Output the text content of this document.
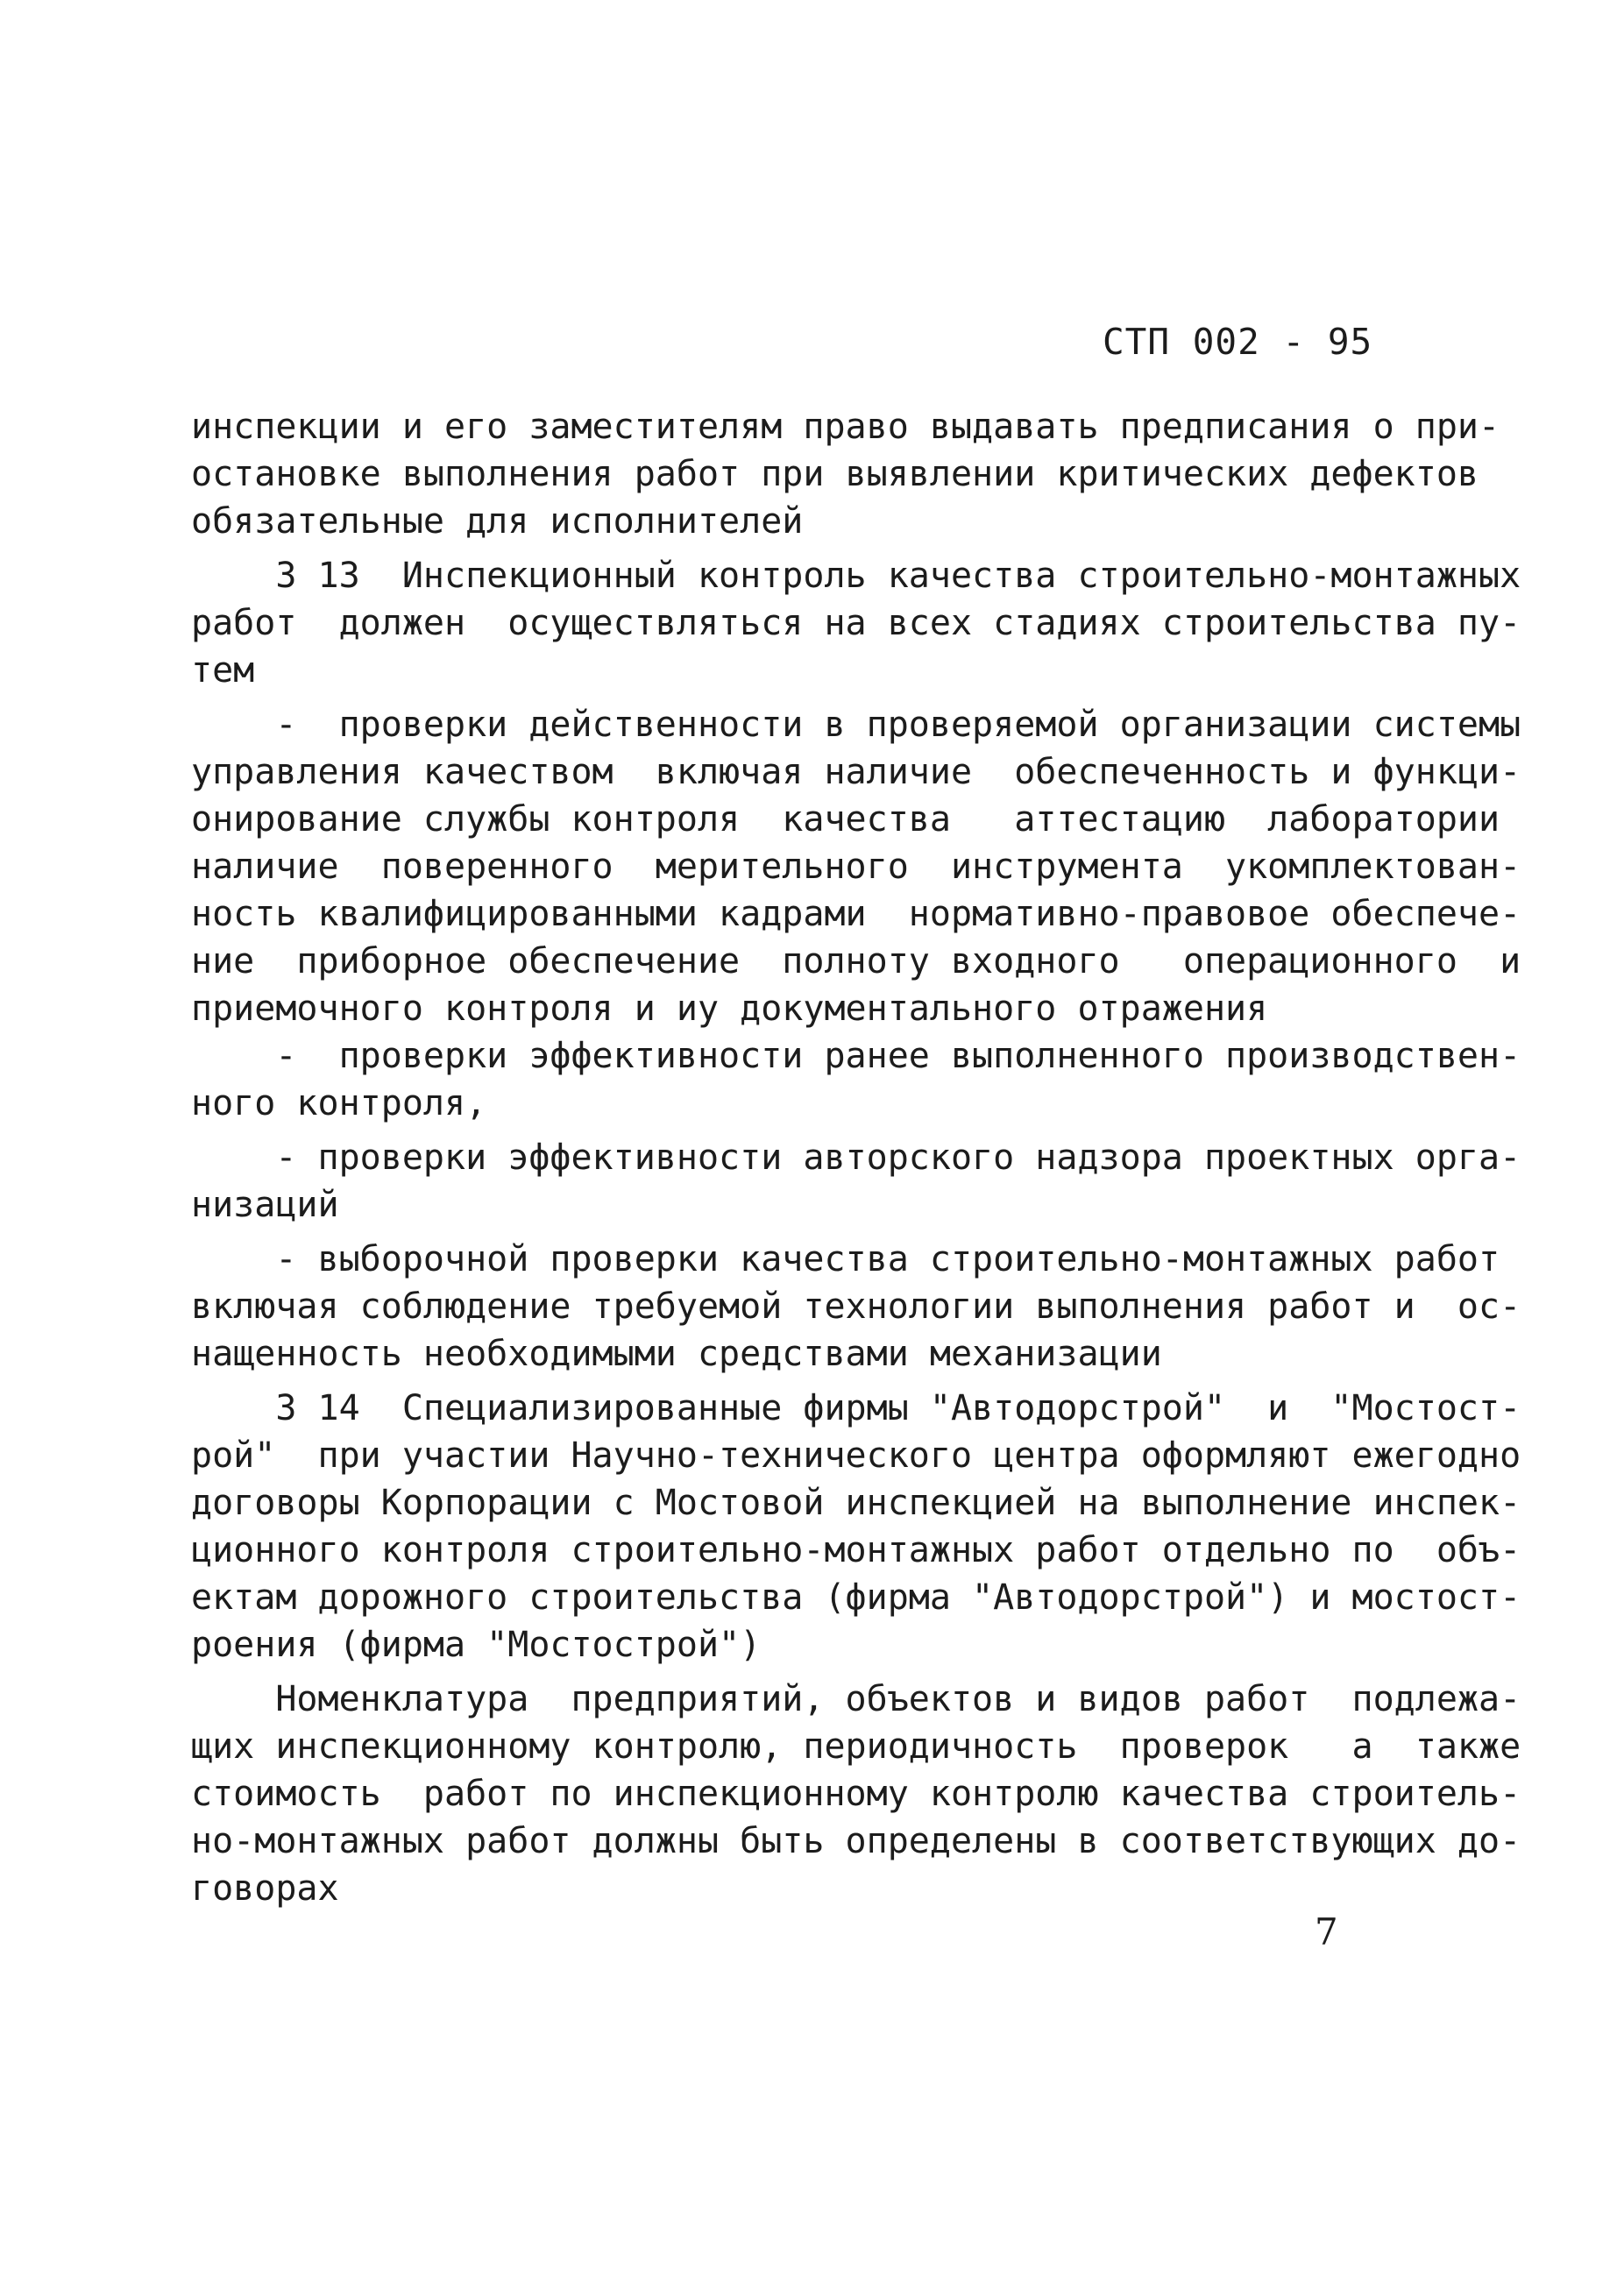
СТП 002 - 95
инспекции и его заместителям право выдавать предписания о при-
остановке выполнения работ при выявлении критических дефектов
обязательные для исполнителей
3 13  Инспекционный контроль качества строительно-монтажных
работ  должен  осуществляться на всех стадиях строительства пу-
тем
-  проверки действенности в проверяемой организации системы
управления качеством  включая наличие  обеспеченность и функци-
онирование службы контроля  качества   аттестацию  лаборатории
наличие  поверенного  мерительного  инструмента  укомплектован-
ность квалифицированными кадрами  нормативно-правовое обеспече-
ние  приборное обеспечение  полноту входного   операционного  и
приемочного контроля и иу документального отражения
-  проверки эффективности ранее выполненного производствен-
ного контроля,
- проверки эффективности авторского надзора проектных орга-
низаций
- выборочной проверки качества строительно-монтажных работ
включая соблюдение требуемой технологии выполнения работ и  ос-
нащенность необходимыми средствами механизации
3 14  Специализированные фирмы "Автодорстрой"  и  "Мостост-
рой"  при участии Научно-технического центра оформляют ежегодно
договоры Корпорации с Мостовой инспекцией на выполнение инспек-
ционного контроля строительно-монтажных работ отдельно по  объ-
ектам дорожного строительства (фирма "Автодорстрой") и мостост-
роения (фирма "Мостострой")
Номенклатура  предприятий, объектов и видов работ  подлежа-
щих инспекционному контролю, периодичность  проверок   а  также
стоимость  работ по инспекционному контролю качества строитель-
но-монтажных работ должны быть определены в соответствующих до-
говорах
7
